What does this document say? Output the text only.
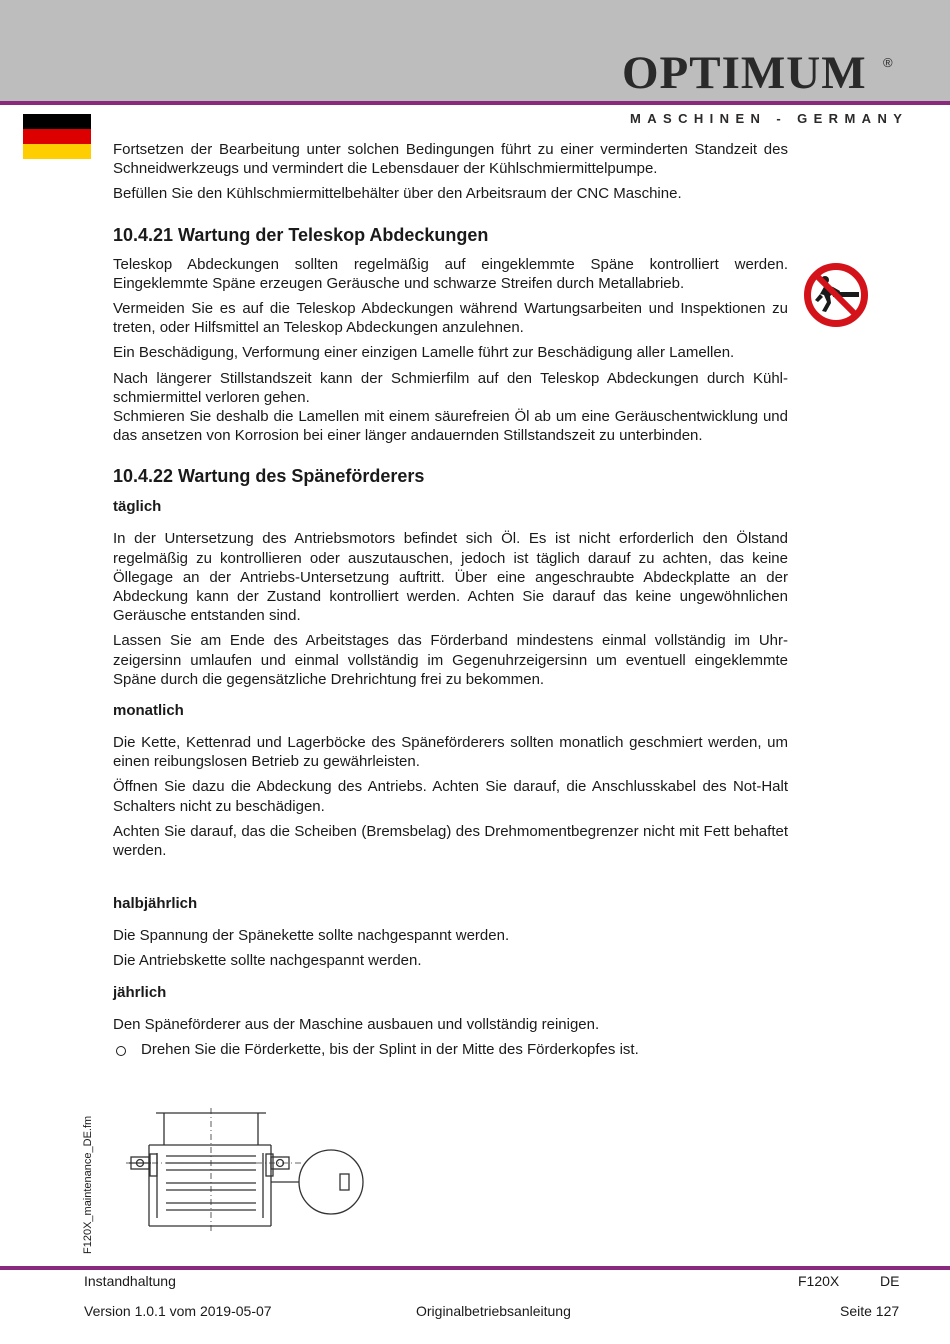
OPTIMUM ®
MASCHINEN - GERMANY

Fortsetzen der Bearbeitung unter solchen Bedingungen führt zu einer verminderten Standzeit des Schneidwerkzeugs und vermindert die Lebensdauer der Kühlschmiermittelpumpe.

Befüllen Sie den Kühlschmiermittelbehälter über den Arbeitsraum der CNC Maschine.

10.4.21 Wartung der Teleskop Abdeckungen

Teleskop Abdeckungen sollten regelmäßig auf eingeklemmte Späne kontrolliert werden. Eingeklemmte Späne erzeugen Geräusche und schwarze Streifen durch Metallabrieb.

Vermeiden Sie es auf die Teleskop Abdeckungen während Wartungsarbeiten und Inspektionen zu treten, oder Hilfsmittel an Teleskop Abdeckungen anzulehnen.

Ein Beschädigung, Verformung einer einzigen Lamelle führt zur Beschädigung aller Lamellen.

Nach längerer Stillstandszeit kann der Schmierfilm auf den Teleskop Abdeckungen durch Kühlschmiermittel verloren gehen.

Schmieren Sie deshalb die Lamellen mit einem säurefreien Öl ab um eine Geräuschentwicklung und das ansetzen von Korrosion bei einer länger andauernden Stillstandszeit zu unterbinden.

10.4.22 Wartung des Späneförderers
täglich

In der Untersetzung des Antriebsmotors befindet sich Öl. Es ist nicht erforderlich den Ölstand regelmäßig zu kontrollieren oder auszutauschen, jedoch ist täglich darauf zu achten, das keine Öllegage an der Antriebs-Untersetzung auftritt. Über eine angeschraubte Abdeckplatte an der Abdeckung kann der Zustand kontrolliert werden. Achten Sie darauf das keine ungewöhnlichen Geräusche entstanden sind.

Lassen Sie am Ende des Arbeitstages das Förderband mindestens einmal vollständig im Uhrzeigersinn umlaufen und einmal vollständig im Gegenuhrzeigersinn um eventuell eingeklemmte Späne durch die gegensätzliche Drehrichtung frei zu bekommen.

monatlich

Die Kette, Kettenrad und Lagerböcke des Späneförderers sollten monatlich geschmiert werden, um einen reibungslosen Betrieb zu gewährleisten.

Öffnen Sie dazu die Abdeckung des Antriebs. Achten Sie darauf, die Anschlusskabel des Not-Halt Schalters nicht zu beschädigen.

Achten Sie darauf, das die Scheiben (Bremsbelag) des Drehmomentbegrenzer nicht mit Fett behaftet werden.

halbjährlich

Die Spannung der Spänekette sollte nachgespannt werden.

Die Antriebskette sollte nachgespannt werden.

jährlich

Den Späneförderer aus der Maschine ausbauen und vollständig reinigen.

Drehen Sie die Förderkette, bis der Splint in der Mitte des Förderkopfes ist.
F120X_maintenance_DE.fm
Instandhaltung	F120X	DE
Version 1.0.1 vom 2019-05-07	Originalbetriebsanleitung	Seite 127
